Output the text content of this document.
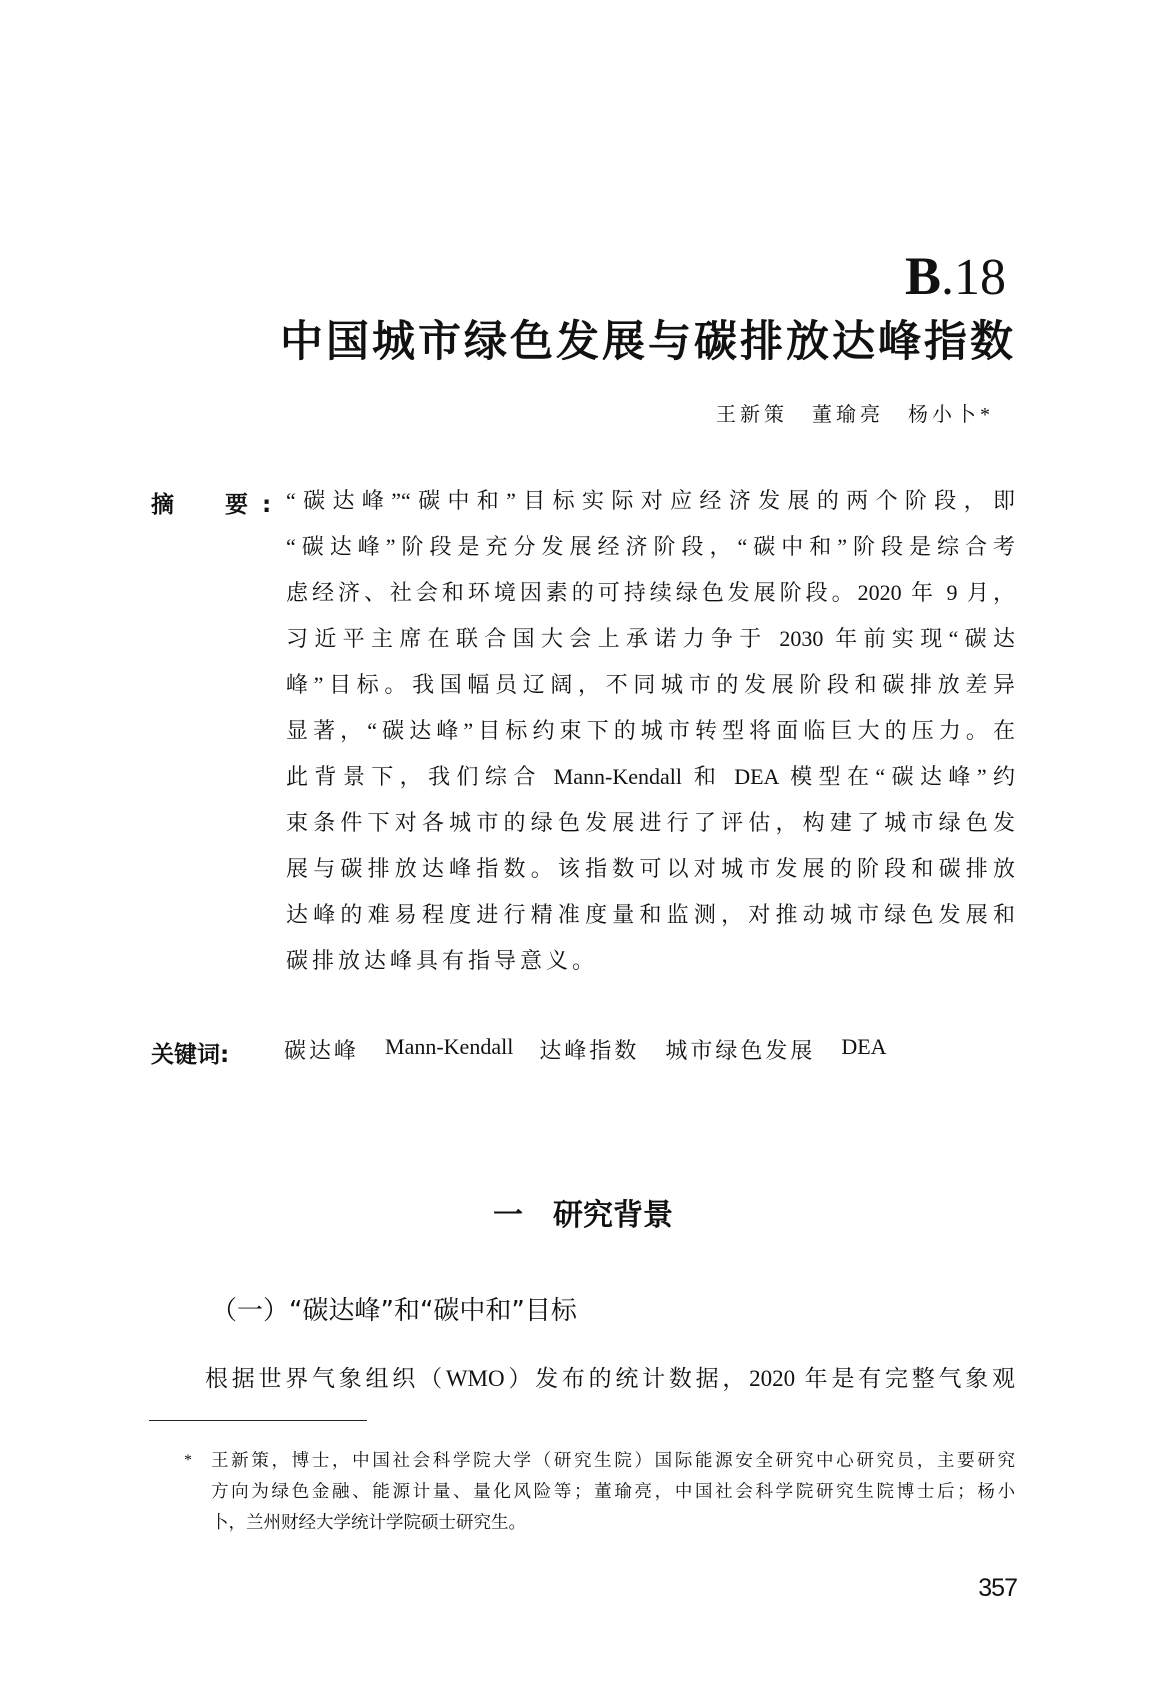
B.18
中国城市绿色发展与碳排放达峰指数
王新策　董瑜亮　杨小卜*
摘　要: “碳达峰”“碳中和”目标实际对应经济发展的两个阶段，即
“碳达峰”阶段是充分发展经济阶段，“碳中和”阶段是综合考
虑经济、社会和环境因素的可持续绿色发展阶段。2020 年 9 月，
习近平主席在联合国大会上承诺力争于 2030 年前实现“碳达
峰”目标。我国幅员辽阔，不同城市的发展阶段和碳排放差异
显著，“碳达峰”目标约束下的城市转型将面临巨大的压力。在
此背景下，我们综合 Mann-Kendall 和 DEA 模型在“碳达峰”约
束条件下对各城市的绿色发展进行了评估，构建了城市绿色发
展与碳排放达峰指数。该指数可以对城市发展的阶段和碳排放
达峰的难易程度进行精准度量和监测，对推动城市绿色发展和
碳排放达峰具有指导意义。
关键词: 碳达峰 Mann-Kendall 达峰指数 城市绿色发展 DEA
一　研究背景
（一）“碳达峰”和“碳中和”目标
根据世界气象组织（WMO）发布的统计数据，2020 年是有完整气象观
* 王新策，博士，中国社会科学院大学（研究生院）国际能源安全研究中心研究员，主要研究
方向为绿色金融、能源计量、量化风险等；董瑜亮，中国社会科学院研究生院博士后；杨小
卜，兰州财经大学统计学院硕士研究生。
357
